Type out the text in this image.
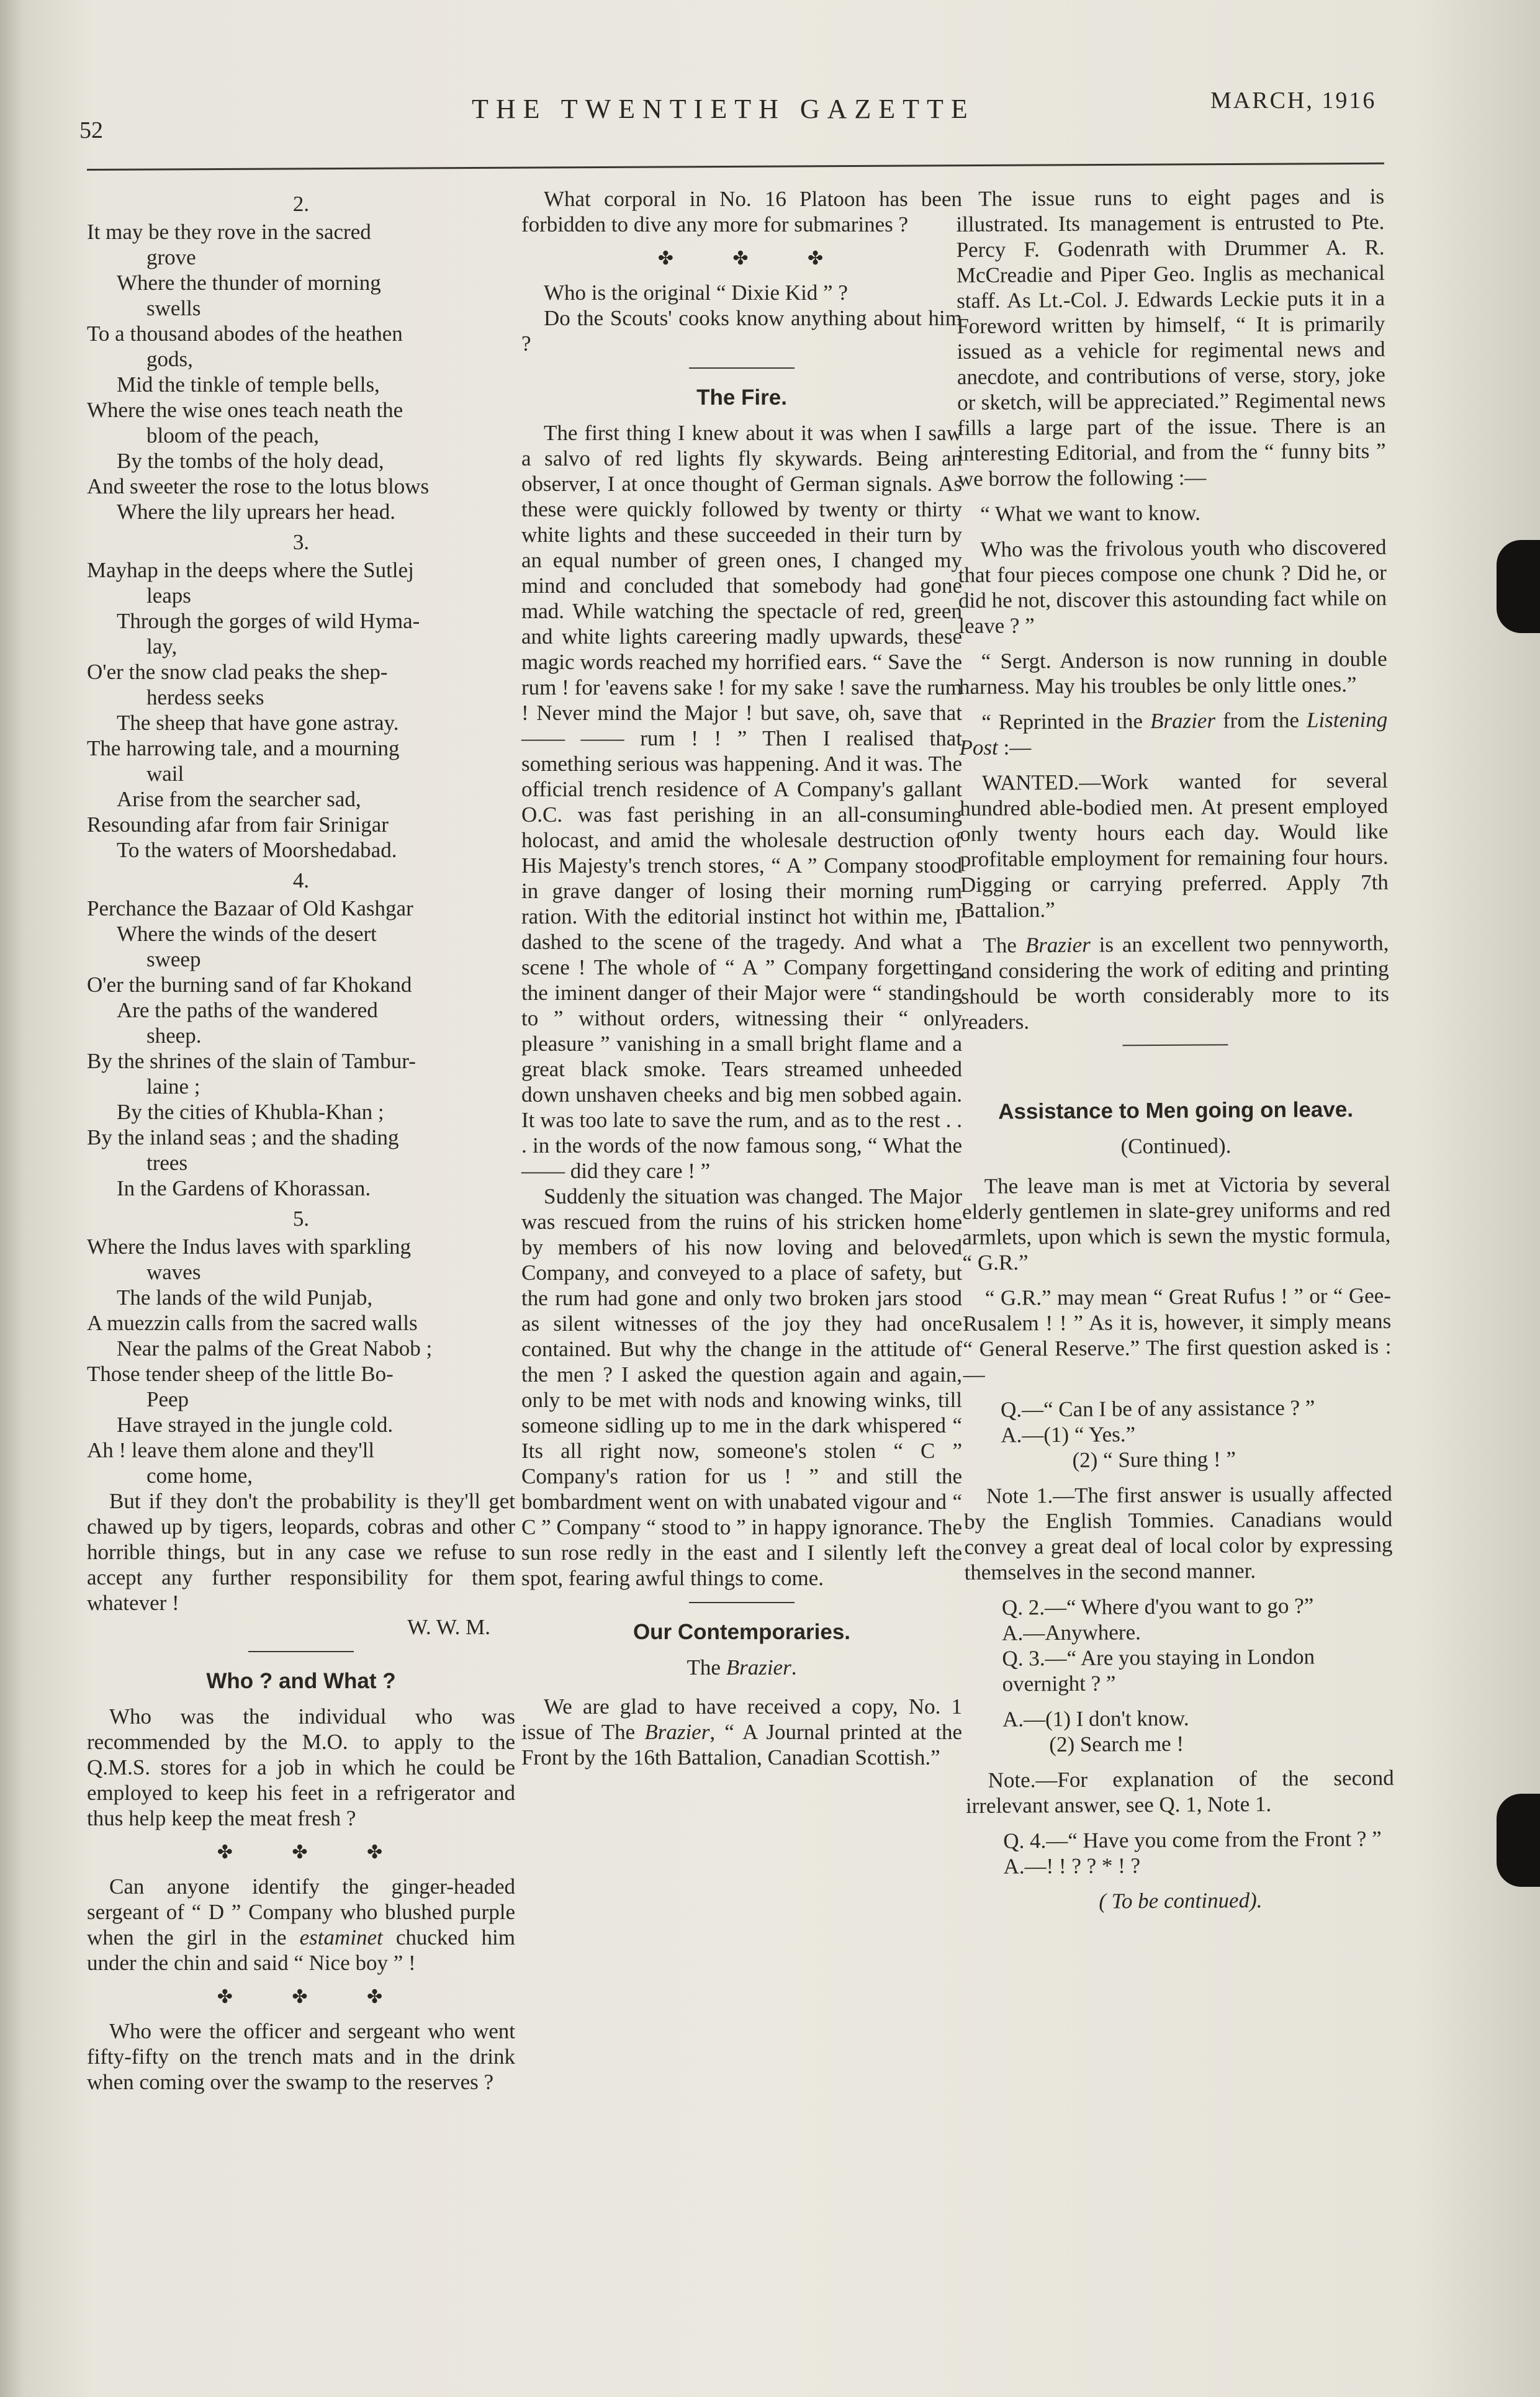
52
THE TWENTIETH GAZETTE	MARCH, 1916
2.
It may be they rove in the sacred
grove
Where the thunder of morning
swells
To a thousand abodes of the heathen
gods,
Mid the tinkle of temple bells,
Where the wise ones teach neath the
bloom of the peach,
By the tombs of the holy dead,
And sweeter the rose to the lotus blows
Where the lily uprears her head.
3.
Mayhap in the deeps where the Sutlej
leaps
Through the gorges of wild Hyma-
lay,
O'er the snow clad peaks the shep-
herdess seeks
The sheep that have gone astray.
The harrowing tale, and a mourning
wail
Arise from the searcher sad,
Resounding afar from fair Srinigar
To the waters of Moorshedabad.
4.
Perchance the Bazaar of Old Kashgar
Where the winds of the desert
sweep
O'er the burning sand of far Khokand
Are the paths of the wandered
sheep.
By the shrines of the slain of Tambur-
laine ;
By the cities of Khubla-Khan ;
By the inland seas ; and the shading
trees
In the Gardens of Khorassan.
5.
Where the Indus laves with sparkling
waves
The lands of the wild Punjab,
A muezzin calls from the sacred walls
Near the palms of the Great Nabob ;
Those tender sheep of the little Bo-
Peep
Have strayed in the jungle cold.
Ah ! leave them alone and they'll
come home,

But if they don't the probability is they'll get chawed up by tigers, leopards, cobras and other horrible things, but in any case we refuse to accept any further responsibility for them whatever !

W. W. M.
Who ? and What ?

Who was the individual who was recommended by the M.O. to apply to the Q.M.S. stores for a job in which he could be employed to keep his feet in a refrigerator and thus help keep the meat fresh ?

✤ ✤ ✤

Can anyone identify the ginger-headed sergeant of “ D ” Company who blushed purple when the girl in the estaminet chucked him under the chin and said “ Nice boy ” !

✤ ✤ ✤

Who were the officer and sergeant who went fifty-fifty on the trench mats and in the drink when coming over the swamp to the reserves ?

What corporal in No. 16 Platoon has been forbidden to dive any more for submarines ?

✤ ✤ ✤

Who is the original “ Dixie Kid ” ?

Do the Scouts' cooks know anything about him ?

The Fire.

The first thing I knew about it was when I saw a salvo of red lights fly skywards. Being an observer, I at once thought of German signals. As these were quickly followed by twenty or thirty white lights and these succeeded in their turn by an equal number of green ones, I changed my mind and concluded that somebody had gone mad. While watching the spectacle of red, green and white lights careering madly upwards, these magic words reached my horrified ears. “ Save the rum ! for 'eavens sake ! for my sake ! save the rum ! Never mind the Major ! but save, oh, save that —— —— rum ! ! ” Then I realised that something serious was happening. And it was. The official trench residence of A Company's gallant O.C. was fast perishing in an all-consuming holocast, and amid the wholesale destruction of His Majesty's trench stores, “ A ” Company stood in grave danger of losing their morning rum ration. With the editorial instinct hot within me, I dashed to the scene of the tragedy. And what a scene ! The whole of “ A ” Company forgetting the iminent danger of their Major were “ standing to ” without orders, witnessing their “ only pleasure ” vanishing in a small bright flame and a great black smoke. Tears streamed unheeded down unshaven cheeks and big men sobbed again. It was too late to save the rum, and as to the rest . . . in the words of the now famous song, “ What the —— did they care ! ”

Suddenly the situation was changed. The Major was rescued from the ruins of his stricken home by members of his now loving and beloved Company, and conveyed to a place of safety, but the rum had gone and only two broken jars stood as silent witnesses of the joy they had once contained. But why the change in the attitude of the men ? I asked the question again and again, only to be met with nods and knowing winks, till someone sidling up to me in the dark whispered “ Its all right now, someone's stolen “ C ” Company's ration for us ! ” and still the bombardment went on with unabated vigour and “ C ” Company “ stood to ” in happy ignorance. The sun rose redly in the east and I silently left the spot, fearing awful things to come.

Our Contemporaries.
The Brazier.

We are glad to have received a copy, No. 1 issue of The Brazier, “ A Journal printed at the Front by the 16th Battalion, Canadian Scottish.”

The issue runs to eight pages and is illustrated. Its management is entrusted to Pte. Percy F. Godenrath with Drummer A. R. McCreadie and Piper Geo. Inglis as mechanical staff. As Lt.-Col. J. Edwards Leckie puts it in a Foreword written by himself, “ It is primarily issued as a vehicle for regimental news and anecdote, and contributions of verse, story, joke or sketch, will be appreciated.” Regimental news fills a large part of the issue. There is an interesting Editorial, and from the “ funny bits ” we borrow the following :—

“ What we want to know.

Who was the frivolous youth who discovered that four pieces compose one chunk ? Did he, or did he not, discover this astounding fact while on leave ? ”

“ Sergt. Anderson is now running in double harness. May his troubles be only little ones.”

“ Reprinted in the Brazier from the Listening Post :—

WANTED.—Work wanted for several hundred able-bodied men. At present employed only twenty hours each day. Would like profitable employment for remaining four hours. Digging or carrying preferred. Apply 7th Battalion.”

The Brazier is an excellent two pennyworth, and considering the work of editing and printing should be worth considerably more to its readers.

Assistance to Men going on leave.
(Continued).

The leave man is met at Victoria by several elderly gentlemen in slate-grey uniforms and red armlets, upon which is sewn the mystic formula, “ G.R.”

“ G.R.” may mean “ Great Rufus ! ” or “ Gee-Rusalem ! ! ” As it is, however, it simply means “ General Reserve.” The first question asked is :—

Q.—“ Can I be of any assistance ? ”

A.—(1) “ Yes.”

(2) “ Sure thing ! ”

Note 1.—The first answer is usually affected by the English Tommies. Canadians would convey a great deal of local color by expressing themselves in the second manner.

Q. 2.—“ Where d'you want to go ?”

A.—Anywhere.

Q. 3.—“ Are you staying in London overnight ? ”

A.—(1) I don't know.

(2) Search me !

Note.—For explanation of the second irrelevant answer, see Q. 1, Note 1.

Q. 4.—“ Have you come from the Front ? ”

A.—! ! ? ? * ! ?

( To be continued).
